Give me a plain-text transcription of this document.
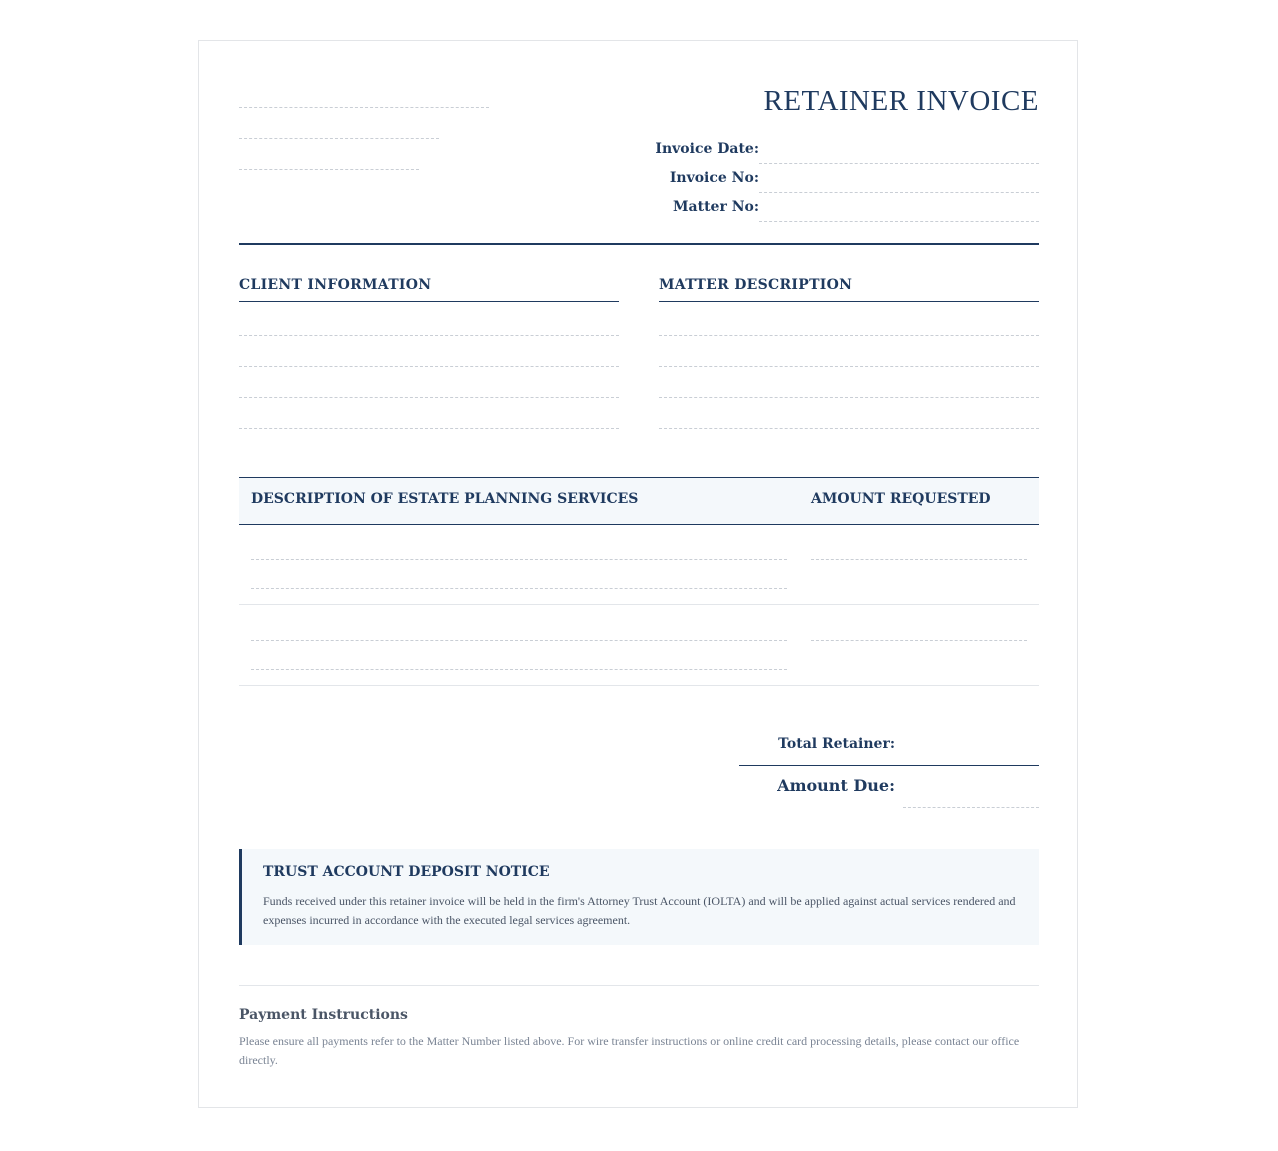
RETAINER INVOICE
Invoice Date:
Invoice No:
Matter No:
CLIENT INFORMATION	MATTER DESCRIPTION
DESCRIPTION OF ESTATE PLANNING SERVICES	AMOUNT REQUESTED
Total Retainer:
Amount Due:
TRUST ACCOUNT DEPOSIT NOTICE
Funds received under this retainer invoice will be held in the firm's Attorney Trust Account (IOLTA) and will be applied against actual services rendered and expenses incurred in accordance with the executed legal services agreement.
Payment Instructions
Please ensure all payments refer to the Matter Number listed above. For wire transfer instructions or online credit card processing details, please contact our office directly.
